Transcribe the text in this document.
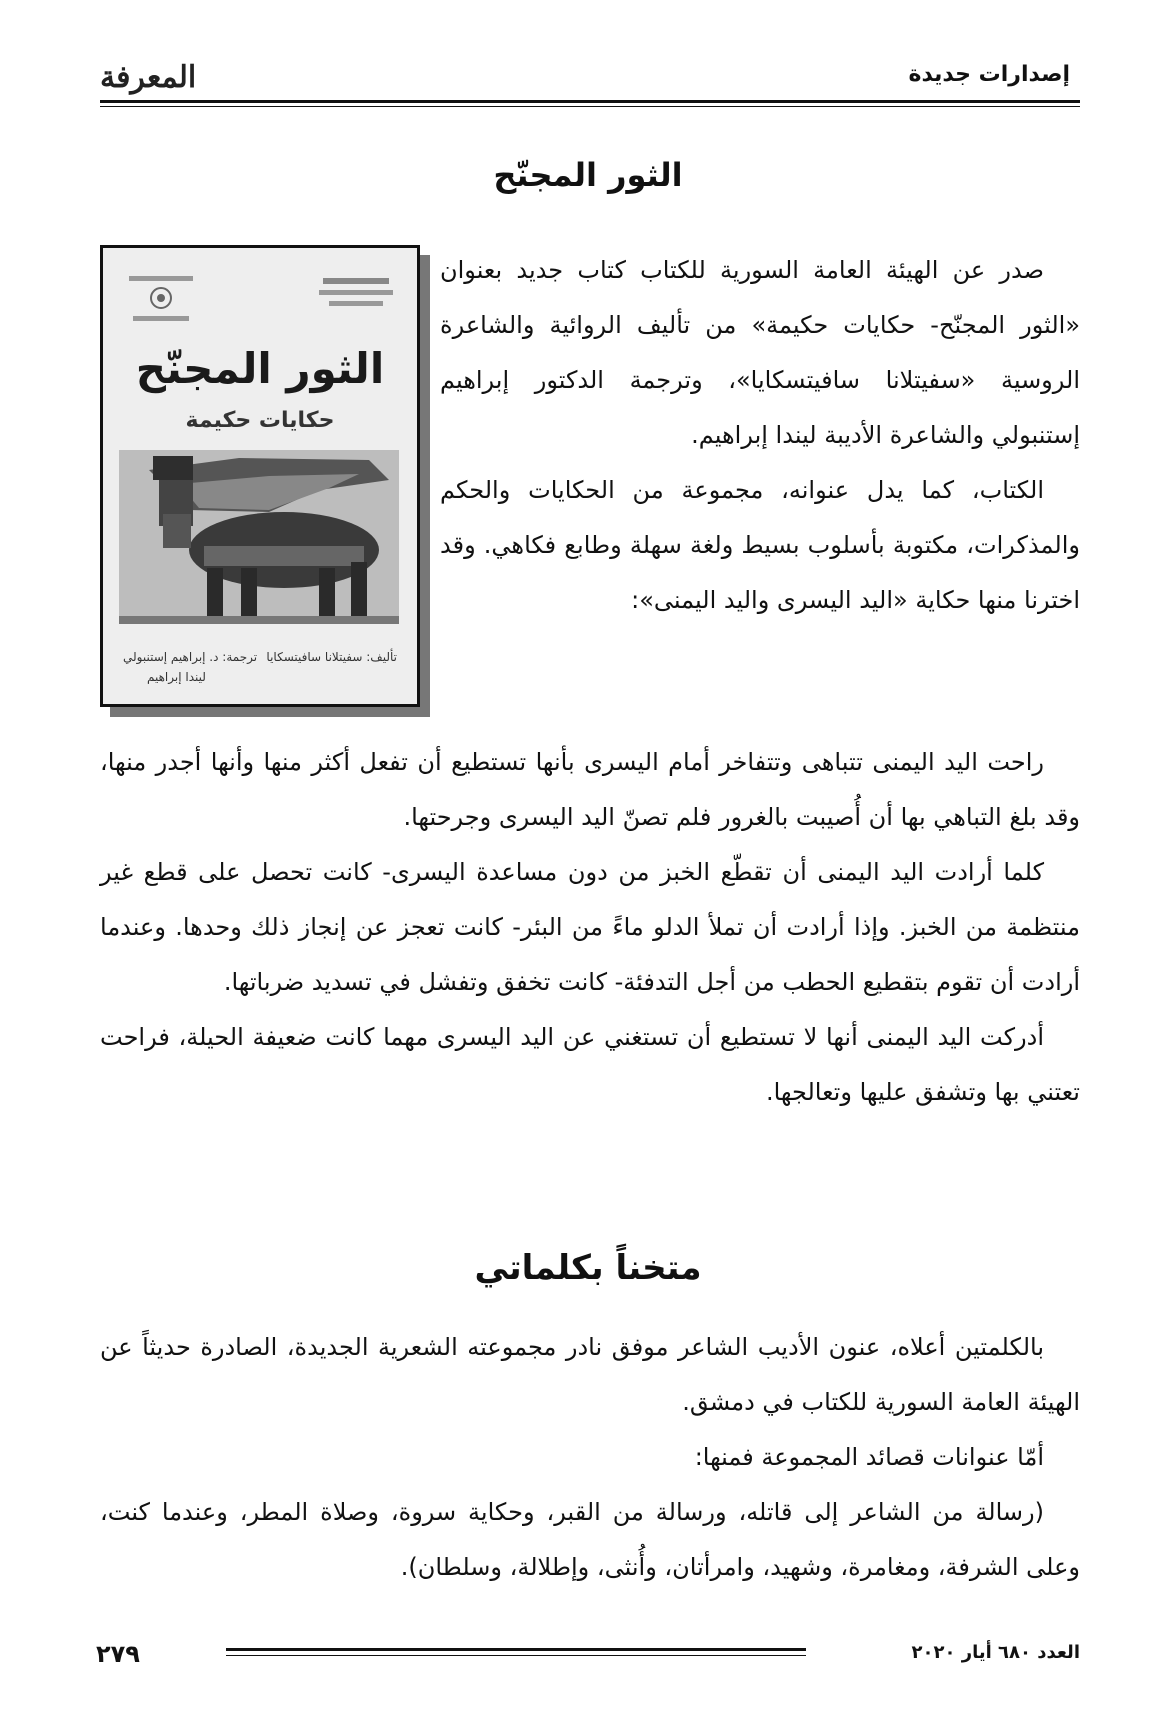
إصدارات جديدة
المعرفة
الثور المجنّح

صدر عن الهيئة العامة السورية للكتاب كتاب جديد بعنوان «الثور المجنّح- حكايات حكيمة» من تأليف الروائية والشاعرة الروسية «سفيتلانا سافيتسكايا»، وترجمة الدكتور إبراهيم إستنبولي والشاعرة الأديبة ليندا إبراهيم.

الكتاب، كما يدل عنوانه، مجموعة من الحكايات والحكم والمذكرات، مكتوبة بأسلوب بسيط ولغة سهلة وطابع فكاهي. وقد اخترنا منها حكاية «اليد اليسرى واليد اليمنى»:

الثور المجنّح
حكايات حكيمة
تأليف: سفيتلانا سافيتسكايا
ترجمة: د. إبراهيم إستنبولي
ليندا إبراهيم

راحت اليد اليمنى تتباهى وتتفاخر أمام اليسرى بأنها تستطيع أن تفعل أكثر منها وأنها أجدر منها، وقد بلغ التباهي بها أن أُصيبت بالغرور فلم تصنّ اليد اليسرى وجرحتها.

كلما أرادت اليد اليمنى أن تقطّع الخبز من دون مساعدة اليسرى- كانت تحصل على قطع غير منتظمة من الخبز. وإذا أرادت أن تملأ الدلو ماءً من البئر- كانت تعجز عن إنجاز ذلك وحدها. وعندما أرادت أن تقوم بتقطيع الحطب من أجل التدفئة- كانت تخفق وتفشل في تسديد ضرباتها.

أدركت اليد اليمنى أنها لا تستطيع أن تستغني عن اليد اليسرى مهما كانت ضعيفة الحيلة، فراحت تعتني بها وتشفق عليها وتعالجها.

متخناً بكلماتي

بالكلمتين أعلاه، عنون الأديب الشاعر موفق نادر مجموعته الشعرية الجديدة، الصادرة حديثاً عن الهيئة العامة السورية للكتاب في دمشق.

أمّا عنوانات قصائد المجموعة فمنها:

(رسالة من الشاعر إلى قاتله، ورسالة من القبر، وحكاية سروة، وصلاة المطر، وعندما كنت، وعلى الشرفة، ومغامرة، وشهيد، وامرأتان، وأُنثى، وإطلالة، وسلطان).

٢٧٩	العدد ٦٨٠ أيار ٢٠٢٠
